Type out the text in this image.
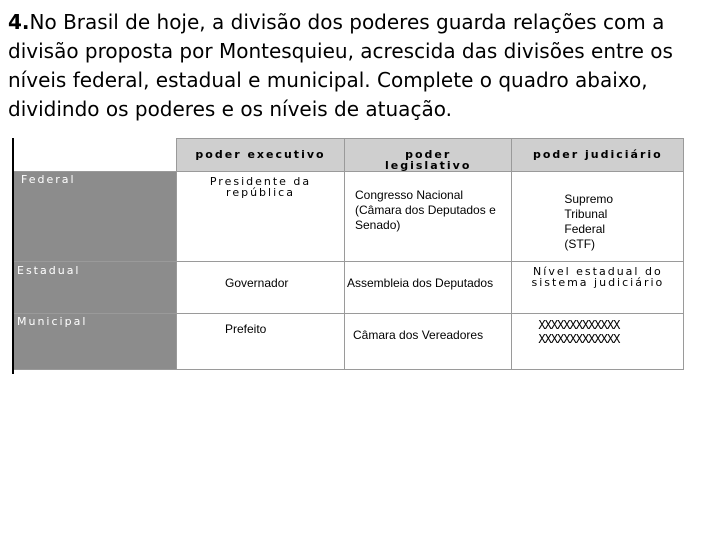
4.No Brasil de hoje, a divisão dos poderes guarda relações com a divisão proposta por Montesquieu, acrescida das divisões entre os níveis federal, estadual e municipal. Complete o quadro abaixo, dividindo os poderes e os níveis de atuação.

	poder executivo	poder legislativo	poder judiciário

Federal	Presidente da república	Congresso Nacional (Câmara dos Deputados e Senado)	Supremo Tribunal Federal (STF)

Estadual	Governador	Assembleia dos Deputados	Nível estadual do sistema judiciário

Municipal	Prefeito	Câmara dos Vereadores	XXXXXXXXXXXXX
XXXXXXXXXXXXX
